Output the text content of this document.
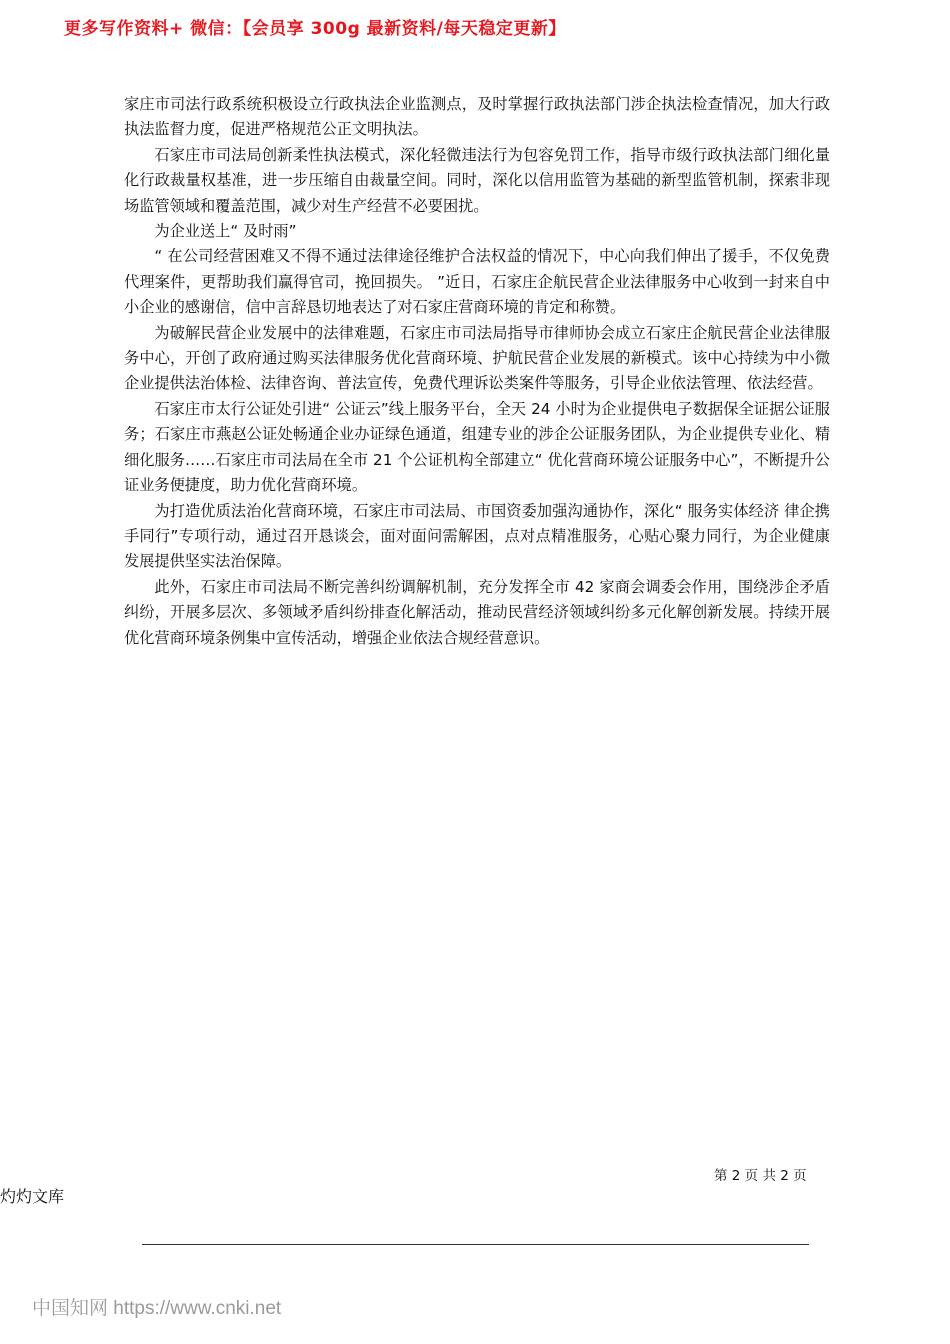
更多写作资料+ 微信：【会员享 300g 最新资料/每天稳定更新】

家庄市司法行政系统积极设立行政执法企业监测点，及时掌握行政执法部门涉企执法检查情况，加大行政执法监督力度，促进严格规范公正文明执法。

石家庄市司法局创新柔性执法模式，深化轻微违法行为包容免罚工作，指导市级行政执法部门细化量化行政裁量权基准，进一步压缩自由裁量空间。同时，深化以信用监管为基础的新型监管机制，探索非现场监管领域和覆盖范围，减少对生产经营不必要困扰。

为企业送上“ 及时雨”

“ 在公司经营困难又不得不通过法律途径维护合法权益的情况下，中心向我们伸出了援手，不仅免费代理案件，更帮助我们赢得官司，挽回损失。 ”近日，石家庄企航民营企业法律服务中心收到一封来自中小企业的感谢信，信中言辞恳切地表达了对石家庄营商环境的肯定和称赞。

为破解民营企业发展中的法律难题，石家庄市司法局指导市律师协会成立石家庄企航民营企业法律服务中心，开创了政府通过购买法律服务优化营商环境、护航民营企业发展的新模式。该中心持续为中小微企业提供法治体检、法律咨询、普法宣传，免费代理诉讼类案件等服务，引导企业依法管理、依法经营。

石家庄市太行公证处引进“ 公证云”线上服务平台，全天 24 小时为企业提供电子数据保全证据公证服务；石家庄市燕赵公证处畅通企业办证绿色通道，组建专业的涉企公证服务团队，为企业提供专业化、精细化服务……石家庄市司法局在全市 21 个公证机构全部建立“ 优化营商环境公证服务中心”，不断提升公证业务便捷度，助力优化营商环境。

为打造优质法治化营商环境，石家庄市司法局、市国资委加强沟通协作，深化“ 服务实体经济 律企携手同行”专项行动，通过召开恳谈会，面对面问需解困，点对点精准服务，心贴心聚力同行，为企业健康发展提供坚实法治保障。

此外，石家庄市司法局不断完善纠纷调解机制，充分发挥全市 42 家商会调委会作用，围绕涉企矛盾纠纷，开展多层次、多领域矛盾纠纷排查化解活动，推动民营经济领域纠纷多元化解创新发展。持续开展优化营商环境条例集中宣传活动，增强企业依法合规经营意识。

第 2 页 共 2 页
灼灼文库
中国知网 https://www.cnki.net
